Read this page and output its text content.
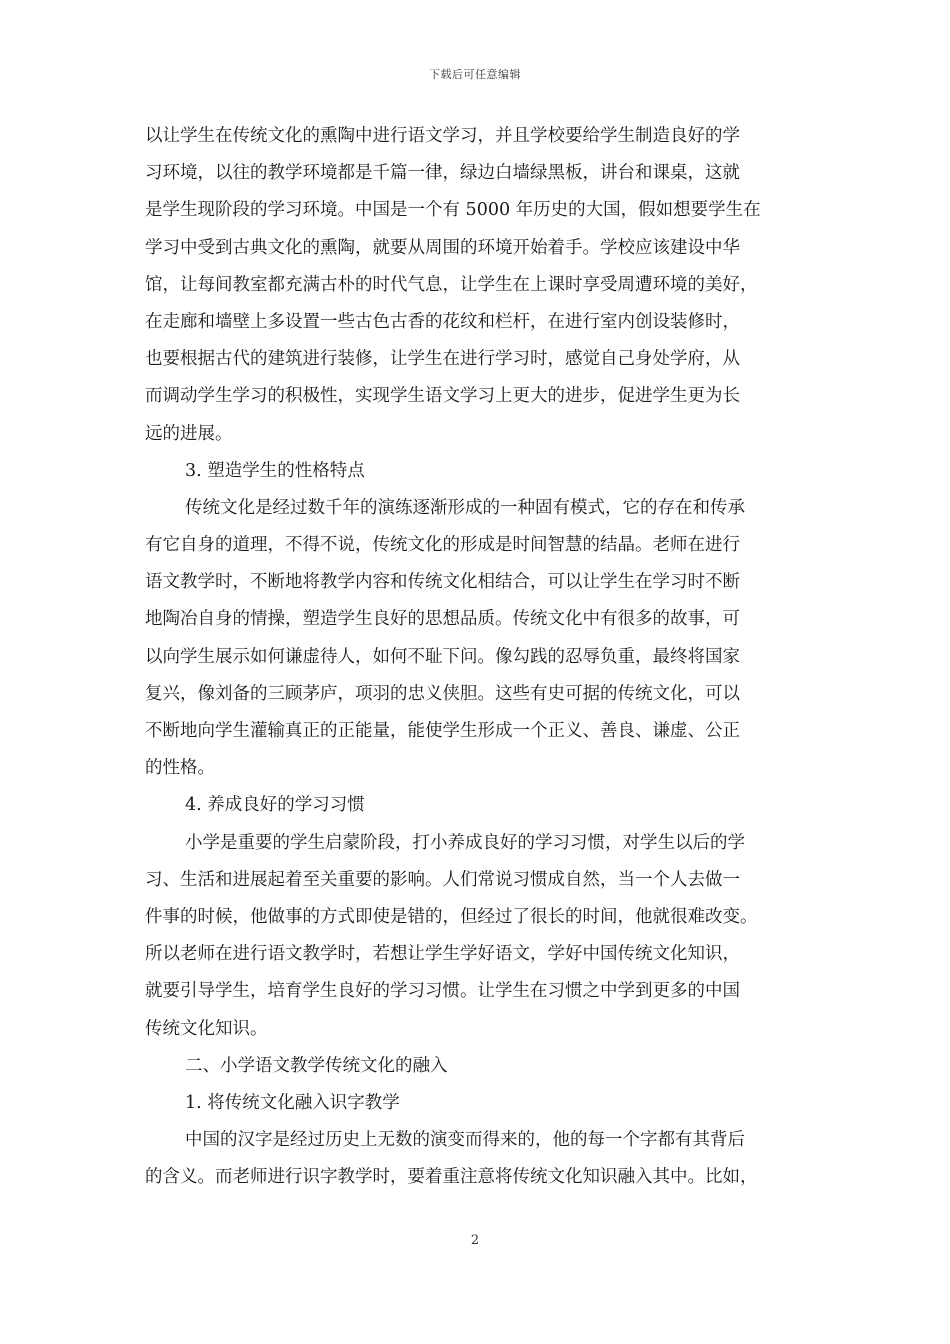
下载后可任意编辑
以让学生在传统文化的熏陶中进行语文学习，并且学校要给学生制造良好的学
习环境，以往的教学环境都是千篇一律，绿边白墙绿黑板，讲台和课桌，这就
是学生现阶段的学习环境。中国是一个有 5000 年历史的大国，假如想要学生在
学习中受到古典文化的熏陶，就要从周围的环境开始着手。学校应该建设中华
馆，让每间教室都充满古朴的时代气息，让学生在上课时享受周遭环境的美好，
在走廊和墙壁上多设置一些古色古香的花纹和栏杆，在进行室内创设装修时，
也要根据古代的建筑进行装修，让学生在进行学习时，感觉自己身处学府，从
而调动学生学习的积极性，实现学生语文学习上更大的进步，促进学生更为长
远的进展。
3. 塑造学生的性格特点
传统文化是经过数千年的演练逐渐形成的一种固有模式，它的存在和传承
有它自身的道理，不得不说，传统文化的形成是时间智慧的结晶。老师在进行
语文教学时，不断地将教学内容和传统文化相结合，可以让学生在学习时不断
地陶冶自身的情操，塑造学生良好的思想品质。传统文化中有很多的故事，可
以向学生展示如何谦虚待人，如何不耻下问。像勾践的忍辱负重，最终将国家
复兴，像刘备的三顾茅庐，项羽的忠义侠胆。这些有史可据的传统文化，可以
不断地向学生灌输真正的正能量，能使学生形成一个正义、善良、谦虚、公正
的性格。
4. 养成良好的学习习惯
小学是重要的学生启蒙阶段，打小养成良好的学习习惯，对学生以后的学
习、生活和进展起着至关重要的影响。人们常说习惯成自然，当一个人去做一
件事的时候，他做事的方式即使是错的，但经过了很长的时间，他就很难改变。
所以老师在进行语文教学时，若想让学生学好语文，学好中国传统文化知识，
就要引导学生，培育学生良好的学习习惯。让学生在习惯之中学到更多的中国
传统文化知识。
二、小学语文教学传统文化的融入
1. 将传统文化融入识字教学
中国的汉字是经过历史上无数的演变而得来的，他的每一个字都有其背后
的含义。而老师进行识字教学时，要着重注意将传统文化知识融入其中。比如，
2
